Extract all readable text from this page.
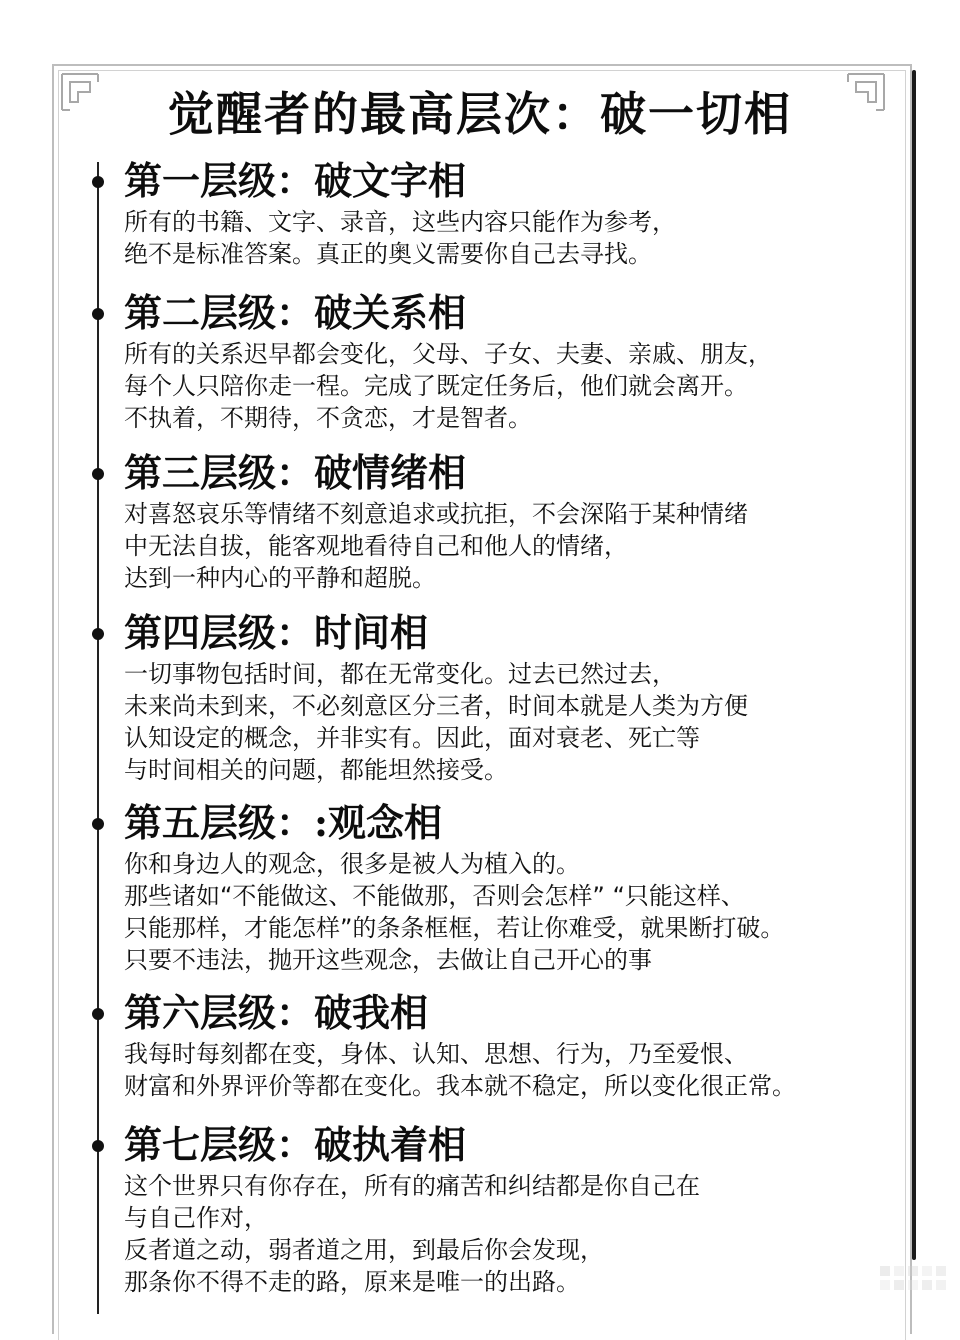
觉醒者的最高层次：破一切相
第一层级：破文字相
所有的书籍、文字、录音，这些内容只能作为参考，
绝不是标准答案。真正的奥义需要你自己去寻找。
第二层级：破关系相
所有的关系迟早都会变化，父母、子女、夫妻、亲戚、朋友，
每个人只陪你走一程。完成了既定任务后，他们就会离开。
不执着，不期待，不贪恋，才是智者。
第三层级：破情绪相
对喜怒哀乐等情绪不刻意追求或抗拒，不会深陷于某种情绪
中无法自拔，能客观地看待自己和他人的情绪，
达到一种内心的平静和超脱。
第四层级：时间相
一切事物包括时间，都在无常变化。过去已然过去，
未来尚未到来，不必刻意区分三者，时间本就是人类为方便
认知设定的概念，并非实有。因此，面对衰老、死亡等
与时间相关的问题，都能坦然接受。
第五层级：:观念相
你和身边人的观念，很多是被人为植入的。
那些诸如“不能做这、不能做那，否则会怎样” “只能这样、
只能那样，才能怎样”的条条框框，若让你难受，就果断打破。
只要不违法，抛开这些观念，去做让自己开心的事
第六层级：破我相
我每时每刻都在变，身体、认知、思想、行为，乃至爱恨、
财富和外界评价等都在变化。我本就不稳定，所以变化很正常。
第七层级：破执着相
这个世界只有你存在，所有的痛苦和纠结都是你自己在
与自己作对，
反者道之动，弱者道之用，到最后你会发现，
那条你不得不走的路，原来是唯一的出路。
